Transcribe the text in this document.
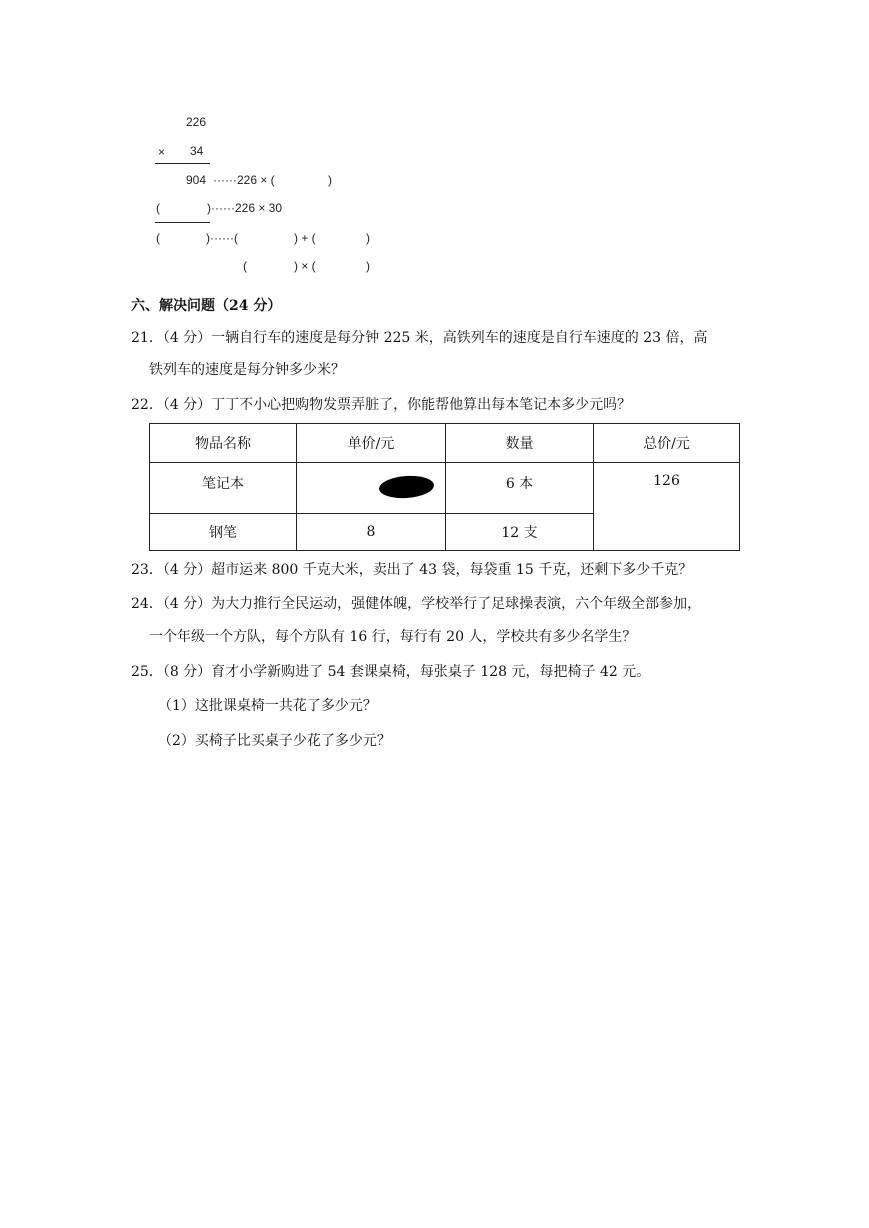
226
× 34
904 ······226 × (	)
(	)······226 × 30
(	)······(	) + (	)
(	) × (	)
六、解决问题（24 分）
21．（4 分）一辆自行车的速度是每分钟 225 米，高铁列车的速度是自行车速度的 23 倍，高
铁列车的速度是每分钟多少米？
22．（4 分）丁丁不小心把购物发票弄脏了，你能帮他算出每本笔记本多少元吗？
物品名称	单价/元	数量	总价/元
笔记本		6 本	126
钢笔	8	12 支	
23．（4 分）超市运来 800 千克大米，卖出了 43 袋，每袋重 15 千克，还剩下多少千克？
24．（4 分）为大力推行全民运动，强健体魄，学校举行了足球操表演，六个年级全部参加，
一个年级一个方队，每个方队有 16 行，每行有 20 人，学校共有多少名学生？
25．（8 分）育才小学新购进了 54 套课桌椅，每张桌子 128 元，每把椅子 42 元。
（1）这批课桌椅一共花了多少元？
（2）买椅子比买桌子少花了多少元？
